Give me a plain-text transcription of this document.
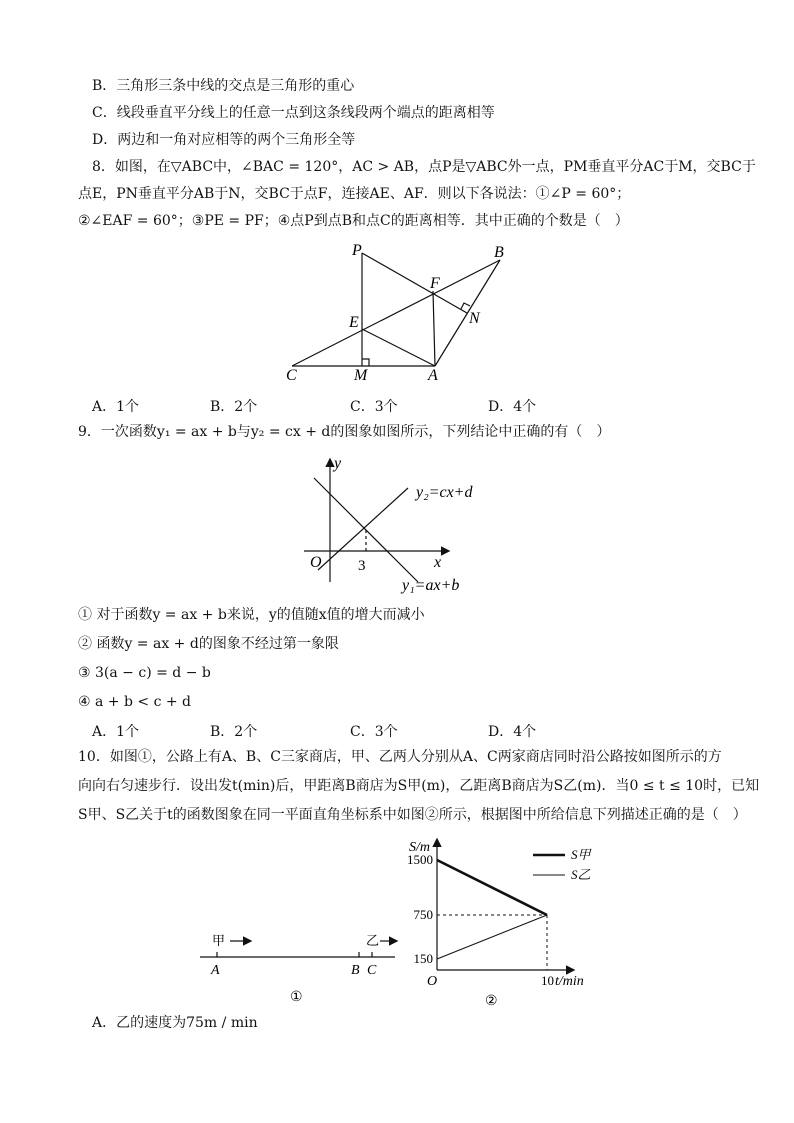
B．三角形三条中线的交点是三角形的重心
C．线段垂直平分线上的任意一点到这条线段两个端点的距离相等
D．两边和一角对应相等的两个三角形全等
8．如图，在▽ABC中，∠BAC = 120°，AC > AB，点P是▽ABC外一点，PM垂直平分AC于M，交BC于
点E，PN垂直平分AB于N，交BC于点F，连接AE、AF．则以下各说法：①∠P = 60°；
②∠EAF = 60°；③PE = PF；④点P到点B和点C的距离相等．其中正确的个数是（　）
P	B
F
N
E
C	M	A
A．1个	B．2个	C．3个	D．4个
9．一次函数y₁ = ax + b与y₂ = cx + d的图象如图所示，下列结论中正确的有（　）
y
x
O 3
y₂=cx+d
y₁=ax+b
① 对于函数y = ax + b来说，y的值随x值的增大而减小
② 函数y = ax + d的图象不经过第一象限
③ 3(a − c) = d − b
④ a + b < c + d
A．1个	B．2个	C．3个	D．4个
10．如图①，公路上有A、B、C三家商店，甲、乙两人分别从A、C两家商店同时沿公路按如图所示的方
向向右匀速步行．设出发t(min)后，甲距离B商店为S甲(m)，乙距离B商店为S乙(m)．当0 ≤ t ≤ 10时，已知
S甲、S乙关于t的函数图象在同一平面直角坐标系中如图②所示，根据图中所给信息下列描述正确的是（　）
甲	乙
A	B C
①
1500
750
150
10
S/m
O	t/min
S甲
S乙
②
A．乙的速度为75m / min
